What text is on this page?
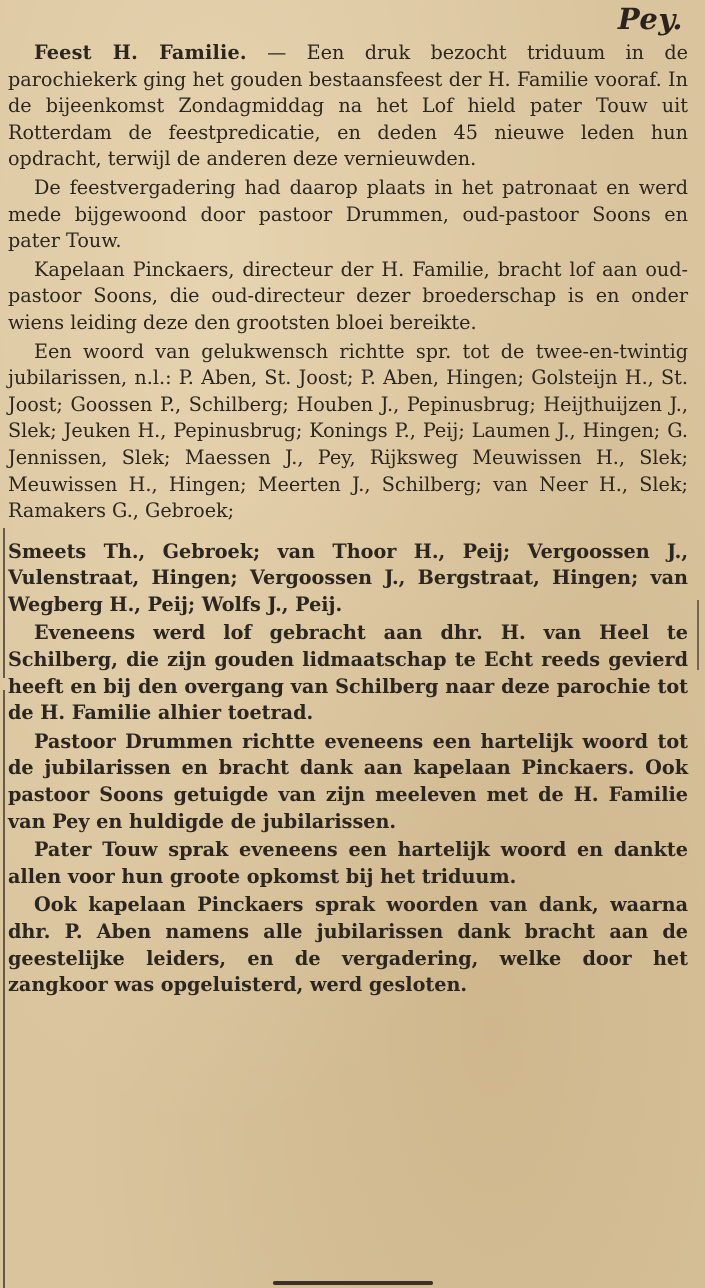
Pey.

Feest H. Familie. — Een druk bezocht triduum in de parochiekerk ging het gouden bestaansfeest der H. Familie vooraf. In de bijeenkomst Zondagmiddag na het Lof hield pater Touw uit Rotterdam de feestpredicatie, en deden 45 nieuwe leden hun opdracht, terwijl de anderen deze vernieuwden.

De feestvergadering had daarop plaats in het patronaat en werd mede bijgewoond door pastoor Drummen, oud-pastoor Soons en pater Touw.

Kapelaan Pinckaers, directeur der H. Familie, bracht lof aan oud-pastoor Soons, die oud-directeur dezer broederschap is en onder wiens leiding deze den grootsten bloei bereikte.

Een woord van gelukwensch richtte spr. tot de twee-en-twintig jubilarissen, n.l.: P. Aben, St. Joost; P. Aben, Hingen; Golsteijn H., St. Joost; Goossen P., Schilberg; Houben J., Pepinusbrug; Heijthuijzen J., Slek; Jeuken H., Pepinusbrug; Konings P., Peij; Laumen J., Hingen; G. Jennissen, Slek; Maessen J., Pey, Rijksweg Meuwissen H., Slek; Meuwissen H., Hingen; Meerten J., Schilberg; van Neer H., Slek; Ramakers G., Gebroek;

Smeets Th., Gebroek; van Thoor H., Peij; Vergoossen J., Vulenstraat, Hingen; Vergoossen J., Bergstraat, Hingen; van Wegberg H., Peij; Wolfs J., Peij.

Eveneens werd lof gebracht aan dhr. H. van Heel te Schilberg, die zijn gouden lidmaatschap te Echt reeds gevierd heeft en bij den overgang van Schilberg naar deze parochie tot de H. Familie alhier toetrad.

Pastoor Drummen richtte eveneens een hartelijk woord tot de jubilarissen en bracht dank aan kapelaan Pinckaers. Ook pastoor Soons getuigde van zijn meeleven met de H. Familie van Pey en huldigde de jubilarissen.

Pater Touw sprak eveneens een hartelijk woord en dankte allen voor hun groote opkomst bij het triduum.

Ook kapelaan Pinckaers sprak woorden van dank, waarna dhr. P. Aben namens alle jubilarissen dank bracht aan de geestelijke leiders, en de vergadering, welke door het zangkoor was opgeluisterd, werd gesloten.
